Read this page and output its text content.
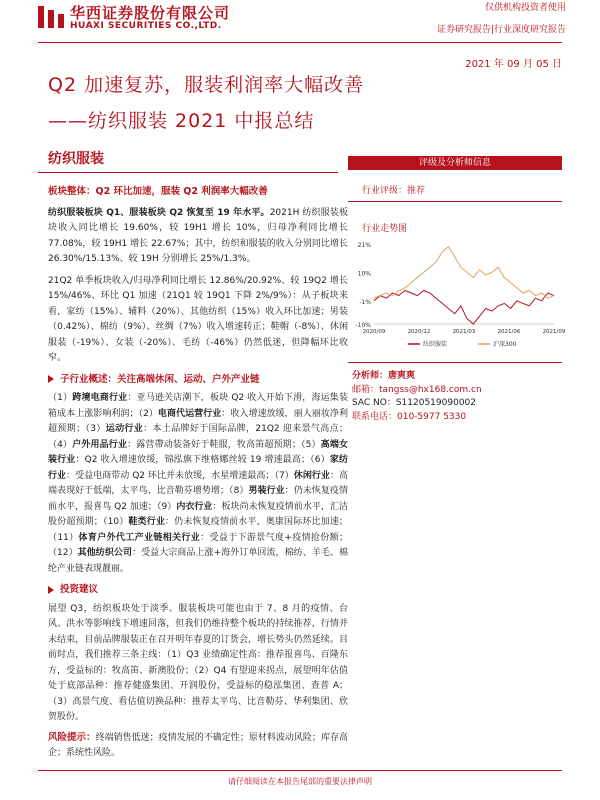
华西证券股份有限公司
HUAXI SECURITIES CO.,LTD.
仅供机构投资者使用
证券研究报告|行业深度研究报告
2021 年 09 月 05 日
Q2 加速复苏，服装利润率大幅改善
——纺织服装 2021 中报总结
纺织服装

板块整体：Q2 环比加速，服装 Q2 利润率大幅改善

纺织服装板块 Q1、服装板块 Q2 恢复至 19 年水平。2021H 纺织服装板块收入同比增长 19.60%，较 19H1 增长 10%，归母净利同比增长 77.08%，较 19H1 增长 22.67%；其中，纺织和服装的收入分别同比增长 26.30%/15.13%、较 19H 分别增长 25%/1.3%。

21Q2 单季板块收入/归母净利同比增长 12.86%/20.92%、较 19Q2 增长 15%/46%、环比 Q1 加速（21Q1 较 19Q1 下降 2%/9%）：从子板块来看，家纺（15%）、辅料（20%）、其他纺织（15%）收入环比加速；男装（0.42%）、棉纺（9%）、丝绸（7%）收入增速转正；鞋帽（-8%）、休闲服装（-19%）、女装（-20%）、毛纺（-46%）仍然低迷，但降幅环比收窄。

子行业概述：关注高端休闲、运动、户外产业链

（1）跨境电商行业：亚马逊关店潮下，板块 Q2 收入开始下滑，海运集装箱成本上涨影响利润；（2）电商代运营行业：收入增速放缓，丽人丽妆净利超预期；（3）运动行业：本土品牌好于国际品牌，21Q2 迎来景气高点；（4）户外用品行业：露营帶动装备好于鞋服，牧高笛超预期；（5）高端女装行业：Q2 收入增速放缓，锦泓旗下维格娜丝较 19 增速最高；（6）家纺行业：受益电商带动 Q2 环比并未放缓，水星增速最高；（7）休闲行业：高端表现好于低端，太平鸟、比音勒芬增势增；（8）男装行业：仍未恢复疫情前水平，报喜鸟 Q2 加速；（9）内衣行业：板块尚未恢复疫情前水平，汇洁股份超预期；（10）鞋类行业：仍未恢复疫情前水平，奥康国际环比加速；（11）体育户外代工产业链相关行业：受益于下游景气度+疫情抢份额；（12）其他纺织公司：受益大宗商品上涨+海外订单回流，棉纺、羊毛、棉纶产业链表现靓丽。

投资建议

展望 Q3，纺织板块处于淡季、服装板块可能也由于 7、8 月的疫情、台风、洪水等影响线下增速回落，但我们仍维持整个板块的持续推荐，行情并未结束，目前品牌服装正在召开明年春夏的订货会，增长势头仍然延续。目前时点，我们推荐三条主线：（1）Q3 业绩确定性高：推荐报喜鸟、百隆东方，受益标的：牧高笛、新澳股份；（2）Q4 有望迎来拐点，展望明年估值处于底部品种：推荐健盛集团、开润股份，受益标的稳泓集团、查普 A；（3）高景气度、看估值切换品种：推荐太平鸟、比音勒芬、华利集团、欣贺股份。

风险提示：终端销售低迷；疫情发展的不确定性；原材料波动风险；库存高企；系统性风险。

评级及分析师信息
行业评级：推荐
行业走势图
21%
10%
-1%
-10%
2020/09	2020/12	2021/03	2021/06	2021/09
纺织服装	沪深300
分析师：唐爽爽
邮箱：tangss@hx168.com.cn
SAC NO：S1120519090002
联系电话：010-5977 5330
请仔细阅读在本报告尾部的重要法律声明
